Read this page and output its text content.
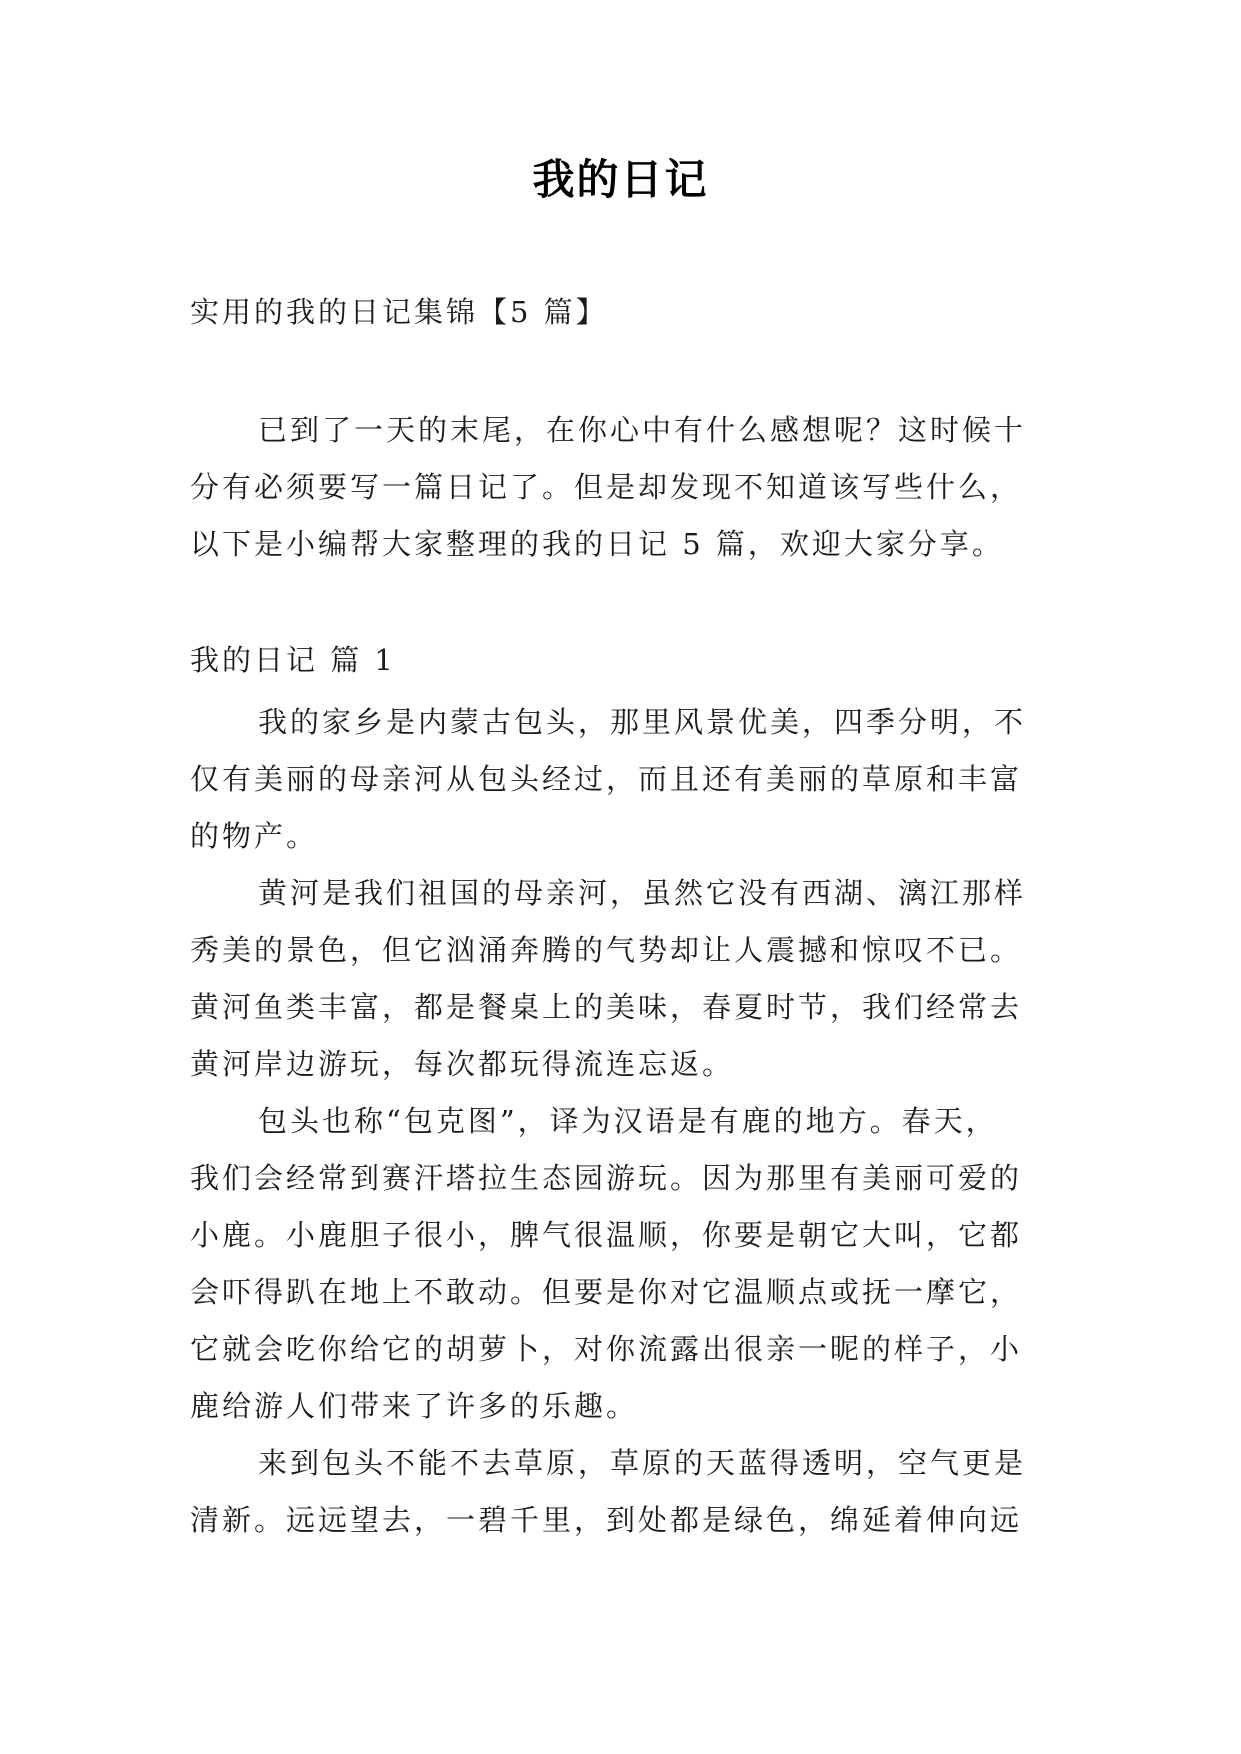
我的日记
实用的我的日记集锦【5 篇】
已到了一天的末尾，在你心中有什么感想呢？这时候十
分有必须要写一篇日记了。但是却发现不知道该写些什么，
以下是小编帮大家整理的我的日记 5 篇，欢迎大家分享。
我的日记 篇 1
我的家乡是内蒙古包头，那里风景优美，四季分明，不
仅有美丽的母亲河从包头经过，而且还有美丽的草原和丰富
的物产。
黄河是我们祖国的母亲河，虽然它没有西湖、漓江那样
秀美的景色，但它汹涌奔腾的气势却让人震撼和惊叹不已。
黄河鱼类丰富，都是餐桌上的美味，春夏时节，我们经常去
黄河岸边游玩，每次都玩得流连忘返。
包头也称“包克图”，译为汉语是有鹿的地方。春天，
我们会经常到赛汗塔拉生态园游玩。因为那里有美丽可爱的
小鹿。小鹿胆子很小，脾气很温顺，你要是朝它大叫，它都
会吓得趴在地上不敢动。但要是你对它温顺点或抚一摩它，
它就会吃你给它的胡萝卜，对你流露出很亲一昵的样子，小
鹿给游人们带来了许多的乐趣。
来到包头不能不去草原，草原的天蓝得透明，空气更是
清新。远远望去，一碧千里，到处都是绿色，绵延着伸向远
